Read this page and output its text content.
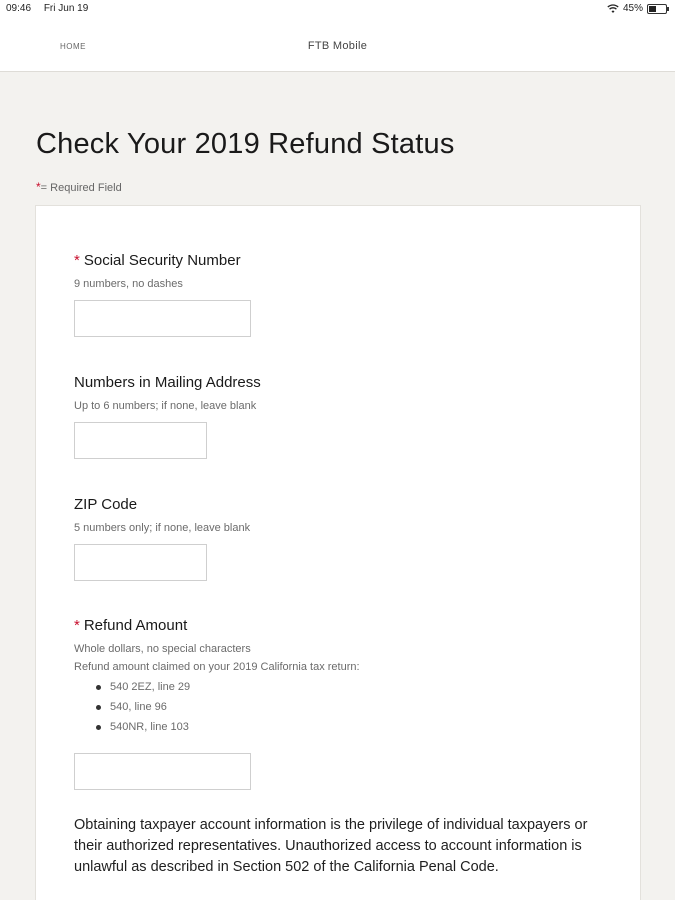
09:46 Fri Jun 19	45%
HOME	FTB Mobile
Check Your 2019 Refund Status
*= Required Field
* Social Security Number
9 numbers, no dashes
Numbers in Mailing Address
Up to 6 numbers; if none, leave blank
ZIP Code
5 numbers only; if none, leave blank
* Refund Amount
Whole dollars, no special characters
Refund amount claimed on your 2019 California tax return:
540 2EZ, line 29
540, line 96
540NR, line 103

Obtaining taxpayer account information is the privilege of individual taxpayers or their authorized representatives. Unauthorized access to account information is unlawful as described in Section 502 of the California Penal Code.
